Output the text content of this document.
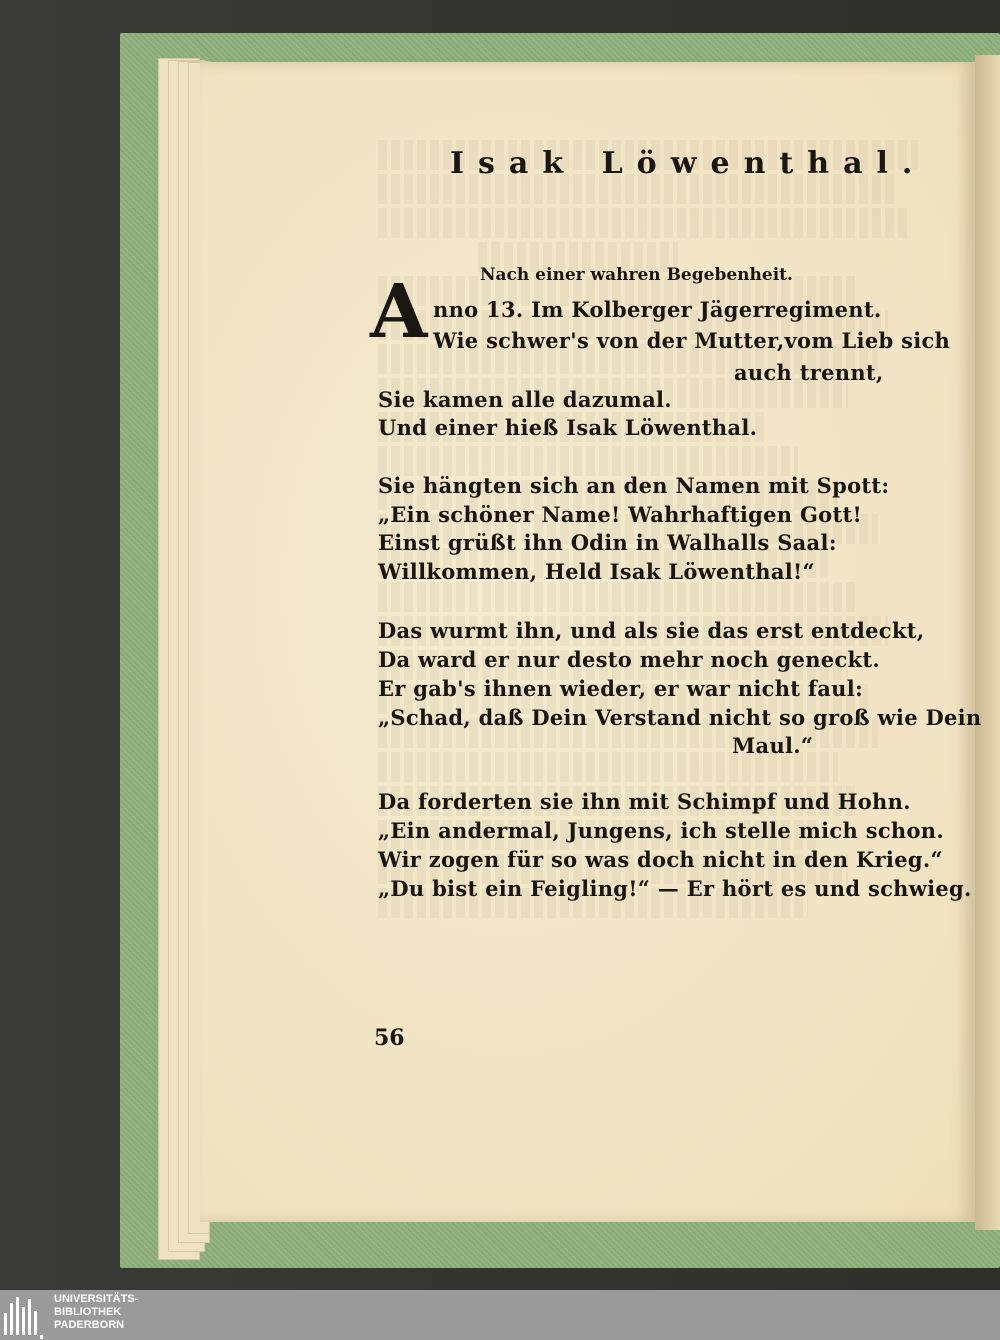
Isak Löwenthal.
Nach einer wahren Begebenheit.
A nno 13. Im Kolberger Jägerregiment.
Wie schwer's von der Mutter,vom Lieb sich
auch trennt,
Sie kamen alle dazumal.
Und einer hieß Isak Löwenthal.
Sie hängten sich an den Namen mit Spott:
„Ein schöner Name! Wahrhaftigen Gott!
Einst grüßt ihn Odin in Walhalls Saal:
Willkommen, Held Isak Löwenthal!“
Das wurmt ihn, und als sie das erst entdeckt,
Da ward er nur desto mehr noch geneckt.
Er gab's ihnen wieder, er war nicht faul:
„Schad, daß Dein Verstand nicht so groß wie Dein
Maul.“
Da forderten sie ihn mit Schimpf und Hohn.
„Ein andermal, Jungens, ich stelle mich schon.
Wir zogen für so was doch nicht in den Krieg.“
„Du bist ein Feigling!“ — Er hört es und schwieg.
56
UNIVERSITÄTS-
BIBLIOTHEK
PADERBORN
